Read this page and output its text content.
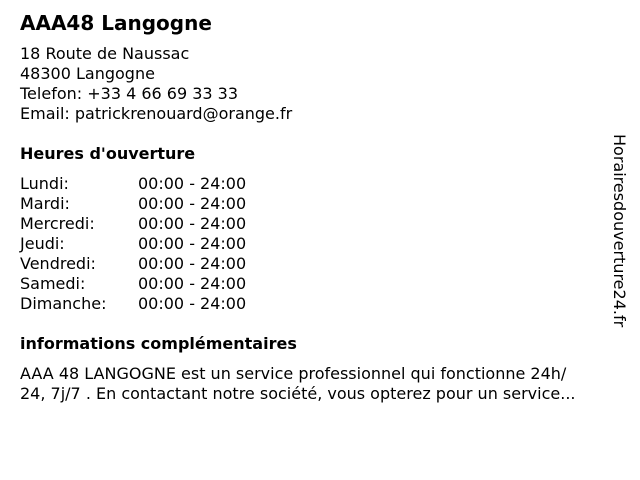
AAA48 Langogne
18 Route de Naussac
48300 Langogne
Telefon: +33 4 66 69 33 33
Email: patrickrenouard@orange.fr
Heures d'ouverture
Lundi:	00:00 - 24:00
Mardi:	00:00 - 24:00
Mercredi:	00:00 - 24:00
Jeudi:	00:00 - 24:00
Vendredi:	00:00 - 24:00
Samedi:	00:00 - 24:00
Dimanche:	00:00 - 24:00
informations complémentaires
AAA 48 LANGOGNE est un service professionnel qui fonctionne 24h/
24, 7j/7 . En contactant notre société, vous opterez pour un service...
Horairesdouverture24.fr
